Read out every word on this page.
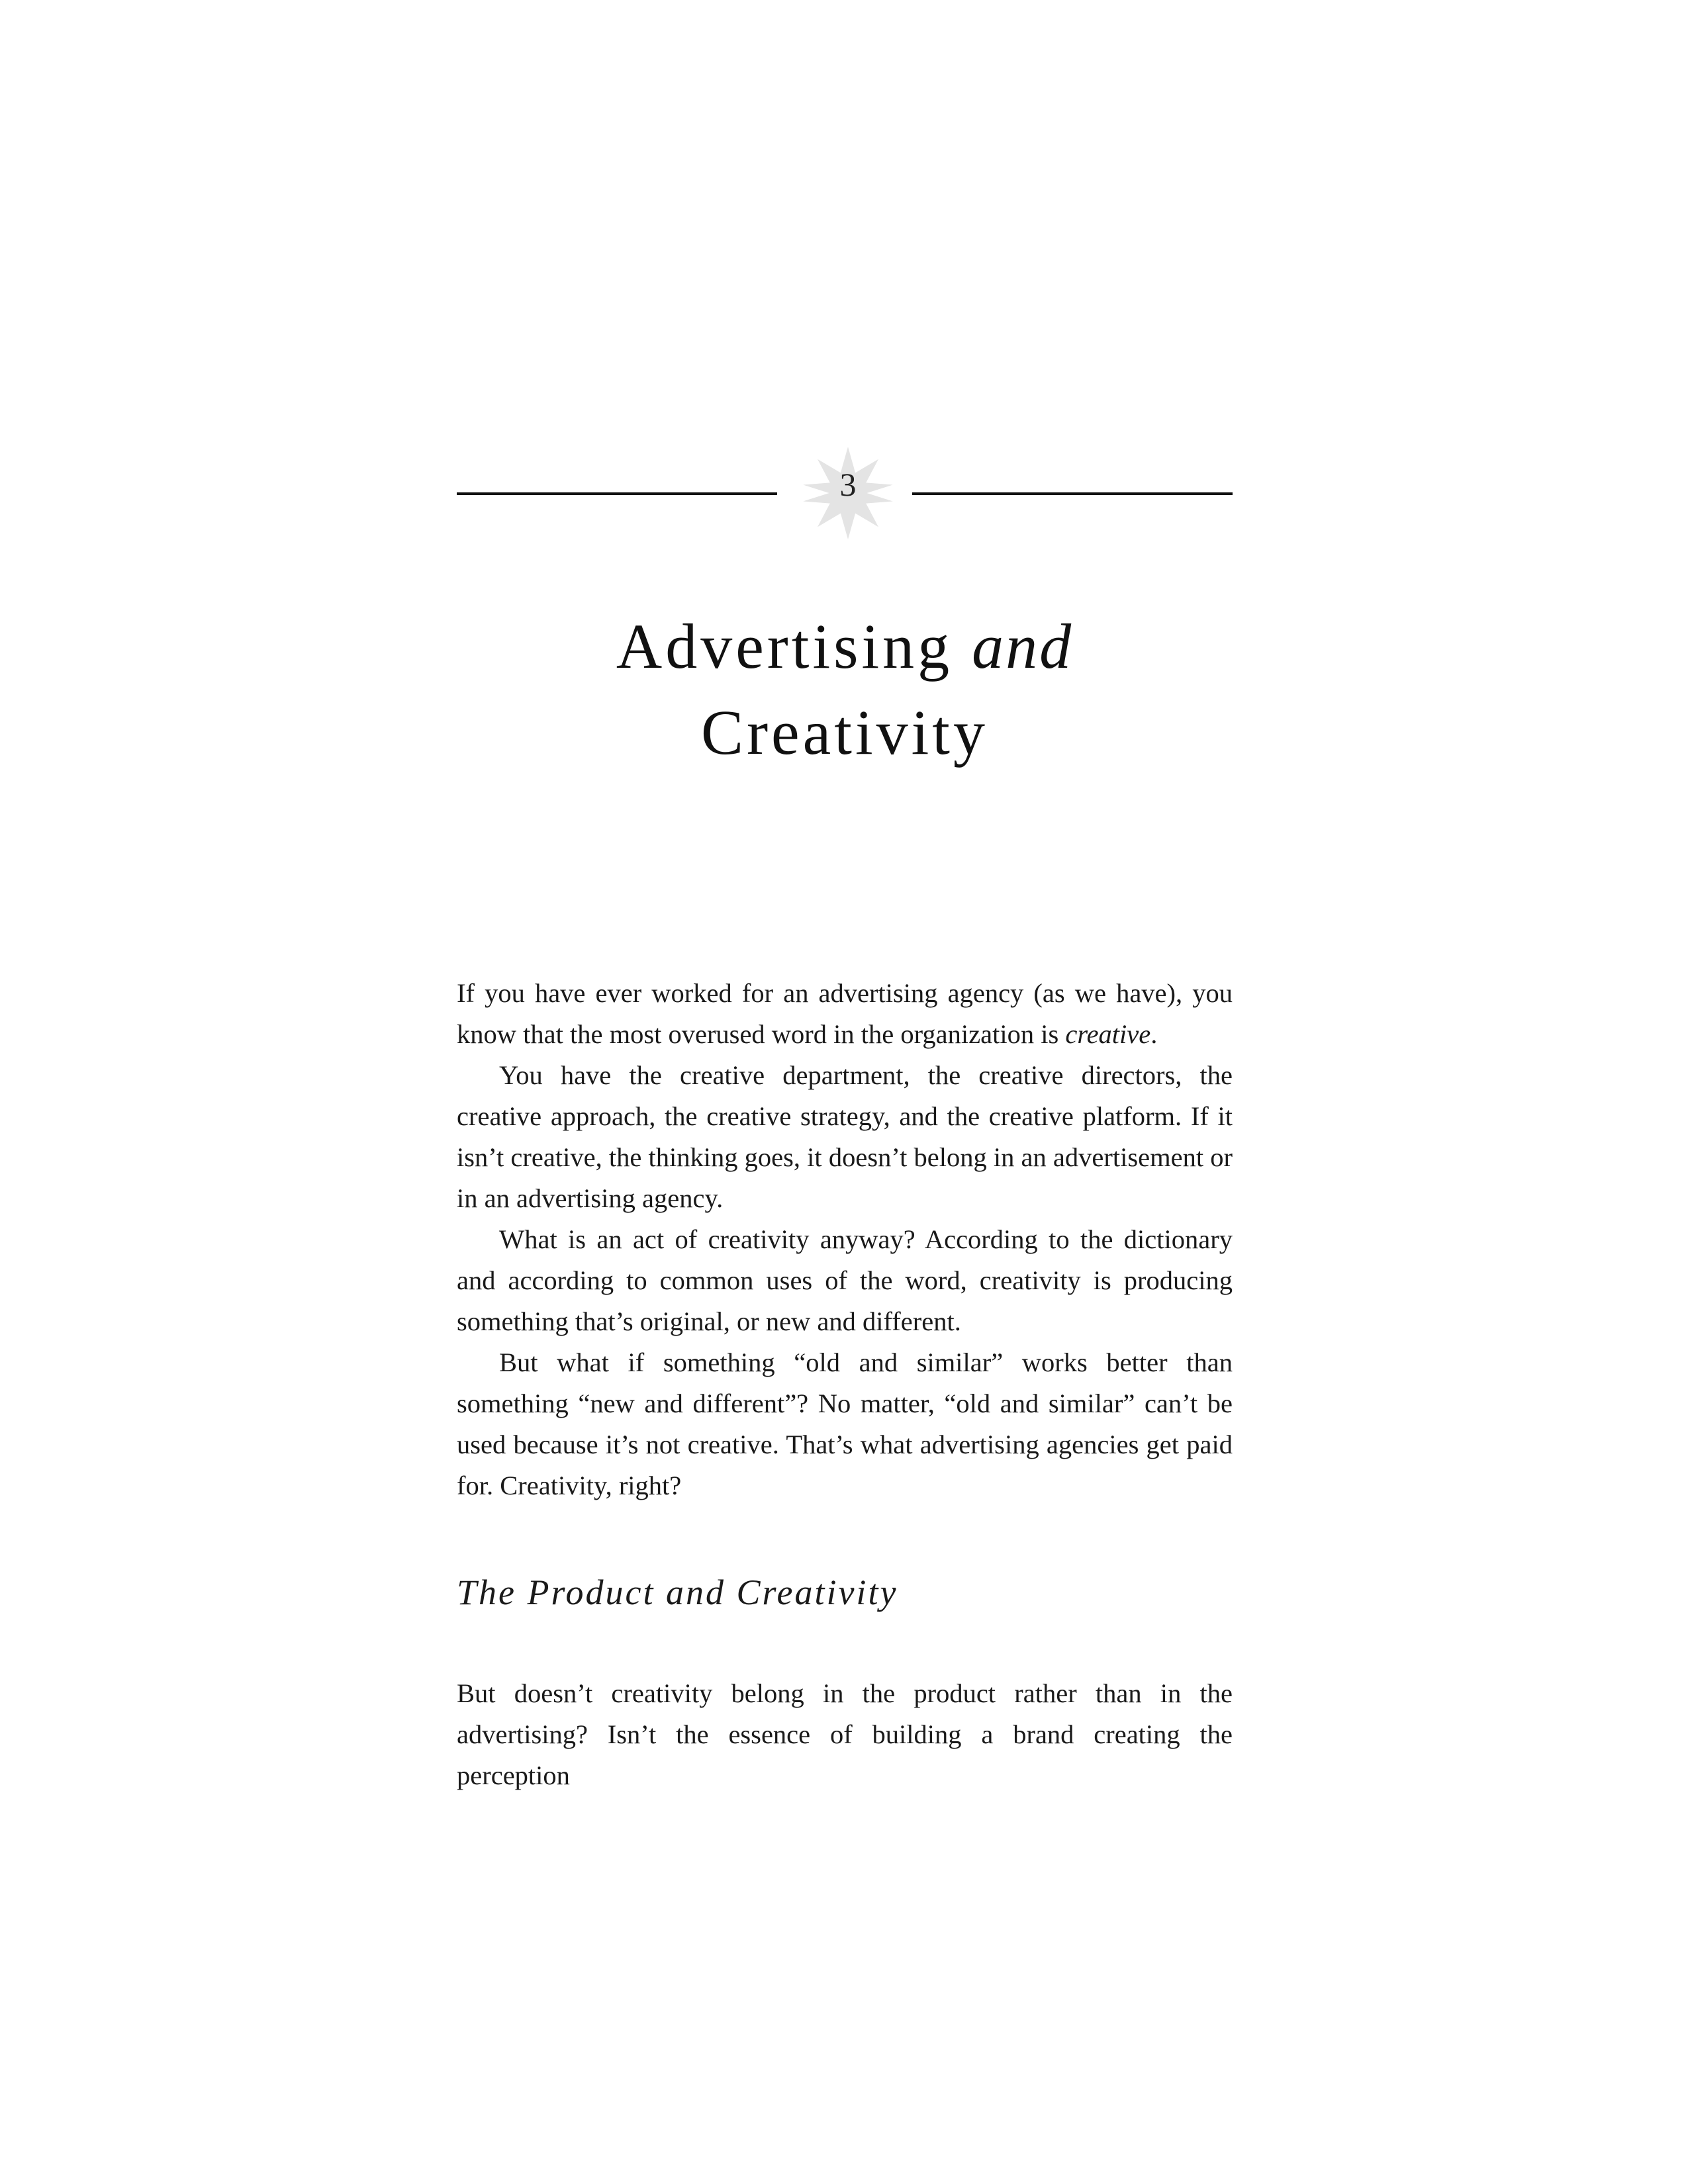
3
Advertising and
Creativity

If you have ever worked for an advertising agency (as we have), you know that the most overused word in the organization is creative.

You have the creative department, the creative directors, the creative approach, the creative strategy, and the creative platform. If it isn’t creative, the thinking goes, it doesn’t belong in an advertisement or in an advertising agency.

What is an act of creativity anyway? According to the dictionary and according to common uses of the word, creativity is producing something that’s original, or new and different.

But what if something “old and similar” works better than something “new and different”? No matter, “old and similar” can’t be used because it’s not creative. That’s what advertising agencies get paid for. Creativity, right?

The Product and Creativity

But doesn’t creativity belong in the product rather than in the advertising? Isn’t the essence of building a brand creating the perception
